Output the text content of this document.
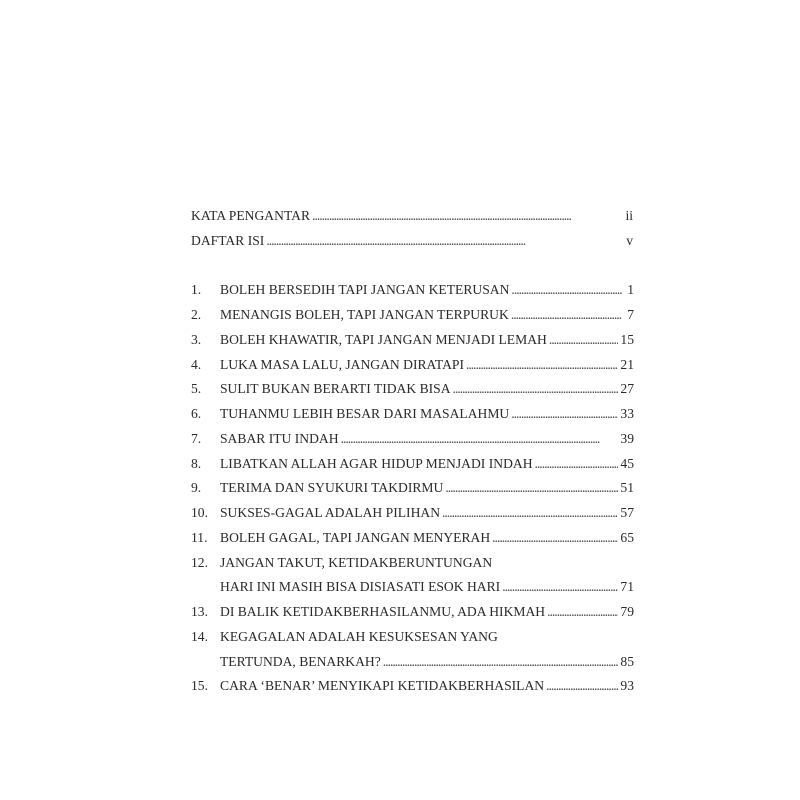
KATA PENGANTAR . . .	ii
DAFTAR ISI . . .	v
1.	BOLEH BERSEDIH TAPI JANGAN KETERUSAN . . .	1
2.	MENANGIS BOLEH, TAPI JANGAN TERPURUK . . .	7
3.	BOLEH KHAWATIR, TAPI JANGAN MENJADI LEMAH . . .	15
4.	LUKA MASA LALU, JANGAN DIRATAPI . . .	21
5.	SULIT BUKAN BERARTI TIDAK BISA . . .	27
6.	TUHANMU LEBIH BESAR DARI MASALAHMU . . .	33
7.	SABAR ITU INDAH . . .	39
8.	LIBATKAN ALLAH AGAR HIDUP MENJADI INDAH . . .	45
9.	TERIMA DAN SYUKURI TAKDIRMU . . .	51
10. SUKSES-GAGAL ADALAH PILIHAN . . .	57
11. BOLEH GAGAL, TAPI JANGAN MENYERAH . . .	65
12. JANGAN TAKUT, KETIDAKBERUNTUNGAN
HARI INI MASIH BISA DISIASATI ESOK HARI . . .	71
13. DI BALIK KETIDAKBERHASILANMU, ADA HIKMAH . . .	79
14. KEGAGALAN ADALAH KESUKSESAN YANG
TERTUNDA, BENARKAH? . . .	85
15. CARA ‘BENAR’ MENYIKAPI KETIDAKBERHASILAN . . .	93
